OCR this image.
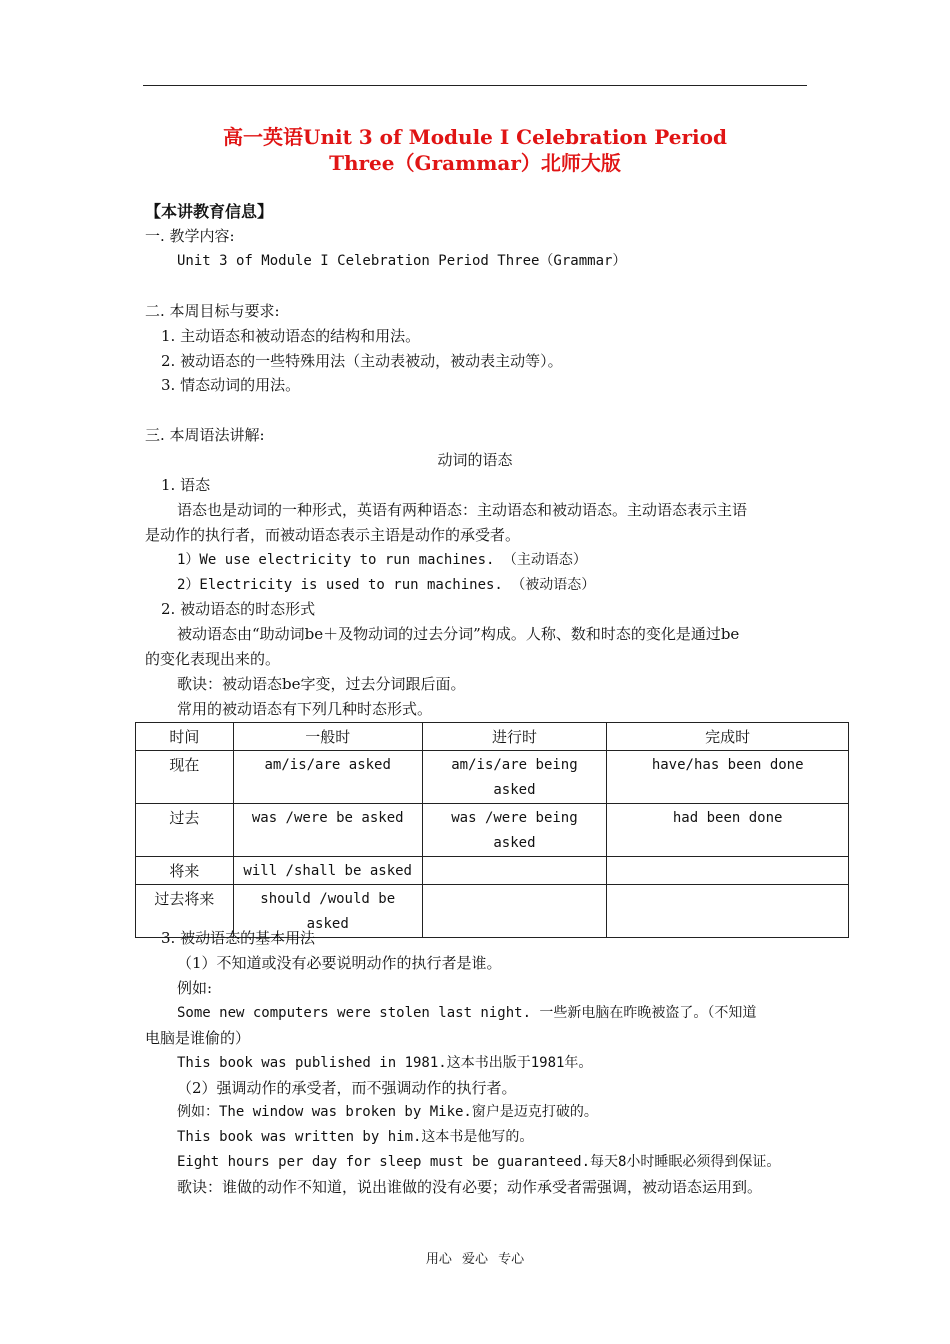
高一英语Unit 3 of Module I Celebration Period
Three（Grammar）北师大版
【本讲教育信息】
一. 教学内容:
Unit 3 of Module I Celebration Period Three（Grammar）
二. 本周目标与要求:
1. 主动语态和被动语态的结构和用法。
2. 被动语态的一些特殊用法（主动表被动，被动表主动等）。
3. 情态动词的用法。
三. 本周语法讲解:
动词的语态
1. 语态
语态也是动词的一种形式，英语有两种语态：主动语态和被动语态。主动语态表示主语
是动作的执行者，而被动语态表示主语是动作的承受者。
1）We use electricity to run machines. （主动语态）
2）Electricity is used to run machines. （被动语态）
2. 被动语态的时态形式
被动语态由“助动词be＋及物动词的过去分词”构成。人称、数和时态的变化是通过be
的变化表现出来的。
歌诀：被动语态be字变，过去分词跟后面。
常用的被动语态有下列几种时态形式。
时间	一般时	进行时	完成时
现在	am/is/are asked	am/is/are being asked	have/has been done
过去	was /were be asked	was /were being asked	had been done
将来	will /shall be asked		
过去将来	should /would be asked		
3. 被动语态的基本用法
（1）不知道或没有必要说明动作的执行者是谁。
例如:
Some new computers were stolen last night. 一些新电脑在昨晚被盗了。（不知道
电脑是谁偷的）
This book was published in 1981.这本书出版于1981年。
（2）强调动作的承受者，而不强调动作的执行者。
例如：The window was broken by Mike.窗户是迈克打破的。
This book was written by him.这本书是他写的。
Eight hours per day for sleep must be guaranteed.每天8小时睡眠必须得到保证。
歌诀：谁做的动作不知道，说出谁做的没有必要；动作承受者需强调，被动语态运用到。
用心 爱心 专心
